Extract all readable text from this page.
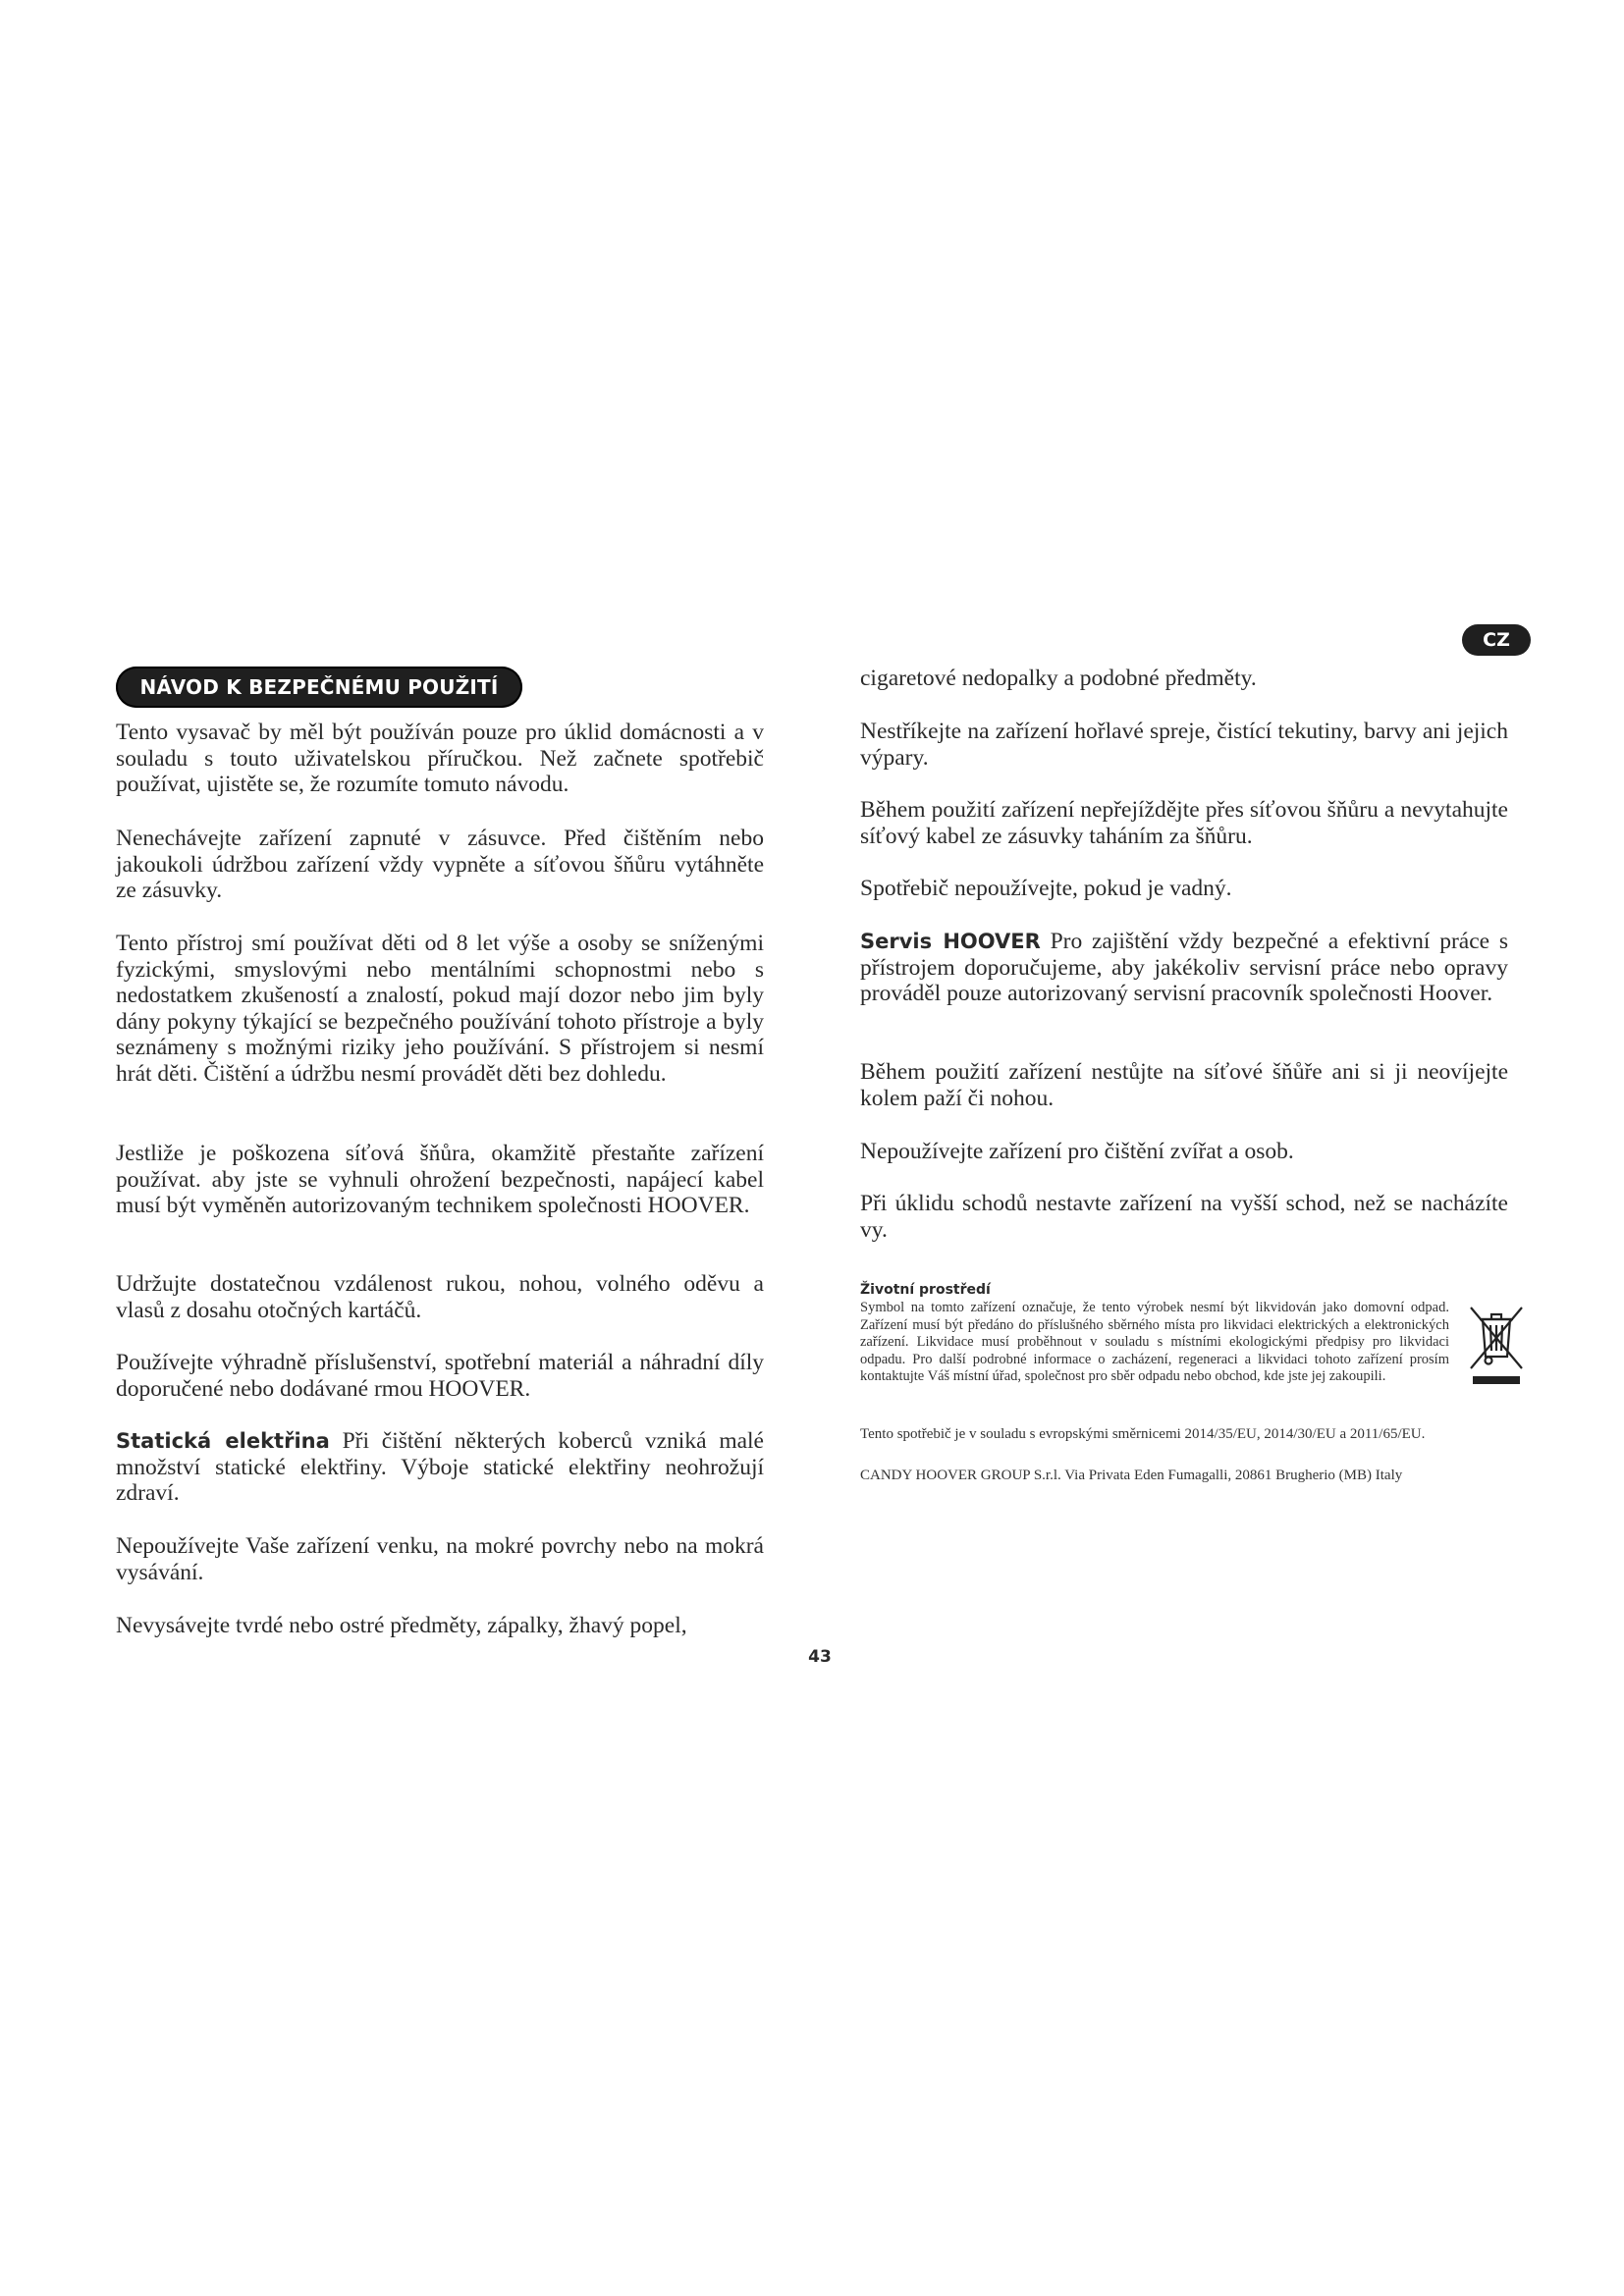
NÁVOD K BEZPEČNÉMU POUŽITÍ
CZ

Tento vysavač by měl být používán pouze pro úklid domácnosti a v souladu s touto uživatelskou příručkou. Než začnete spotřebič používat, ujistěte se, že rozumíte tomuto návodu.

Nenechávejte zařízení zapnuté v zásuvce. Před čištěním nebo jakoukoli údržbou zařízení vždy vypněte a síťovou šňůru vytáhněte ze zásuvky.

Tento přístroj smí používat děti od 8 let výše a osoby se sníženými fyzickými, smyslovými nebo mentálními schopnostmi nebo s nedostatkem zkušeností a znalostí, pokud mají dozor nebo jim byly dány pokyny týkající se bezpečného používání tohoto přístroje a byly seznámeny s možnými riziky jeho používání. S přístrojem si nesmí hrát děti. Čištění a údržbu nesmí provádět děti bez dohledu.

Jestliže je poškozena síťová šňůra, okamžitě přestaňte zařízení používat. aby jste se vyhnuli ohrožení bezpečnosti, napájecí kabel musí být vyměněn autorizovaným technikem společnosti HOOVER.

Udržujte dostatečnou vzdálenost rukou, nohou, volného oděvu a vlasů z dosahu otočných kartáčů.

Používejte výhradně příslušenství, spotřební materiál a náhradní díly doporučené nebo dodávané rmou HOOVER.

Statická elektřina Při čištění některých koberců vzniká malé množství statické elektřiny. Výboje statické elektřiny neohrožují zdraví.

Nepoužívejte Vaše zařízení venku, na mokré povrchy nebo na mokrá vysávání.

Nevysávejte tvrdé nebo ostré předměty, zápalky, žhavý popel,

cigaretové nedopalky a podobné předměty.

Nestříkejte na zařízení hořlavé spreje, čistící tekutiny, barvy ani jejich výpary.

Během použití zařízení nepřejíždějte přes síťovou šňůru a nevytahujte síťový kabel ze zásuvky taháním za šňůru.

Spotřebič nepoužívejte, pokud je vadný.

Servis HOOVER Pro zajištění vždy bezpečné a efektivní práce s přístrojem doporučujeme, aby jakékoliv servisní práce nebo opravy prováděl pouze autorizovaný servisní pracovník společnosti Hoover.

Během použití zařízení nestůjte na síťové šňůře ani si ji neovíjejte kolem paží či nohou.

Nepoužívejte zařízení pro čištění zvířat a osob.

Při úklidu schodů nestavte zařízení na vyšší schod, než se nacházíte vy.

Životní prostředí

Symbol na tomto zařízení označuje, že tento výrobek nesmí být likvidován jako domovní odpad. Zařízení musí být předáno do příslušného sběrného místa pro likvidaci elektrických a elektronických zařízení. Likvidace musí proběhnout v souladu s místními ekologickými předpisy pro likvidaci odpadu. Pro další podrobné informace o zacházení, regeneraci a likvidaci tohoto zařízení prosím kontaktujte Váš místní úřad, společnost pro sběr odpadu nebo obchod, kde jste jej zakoupili.

Tento spotřebič je v souladu s evropskými směrnicemi 2014/35/EU, 2014/30/EU a 2011/65/EU.

CANDY HOOVER GROUP S.r.l. Via Privata Eden Fumagalli, 20861 Brugherio (MB) Italy

43
